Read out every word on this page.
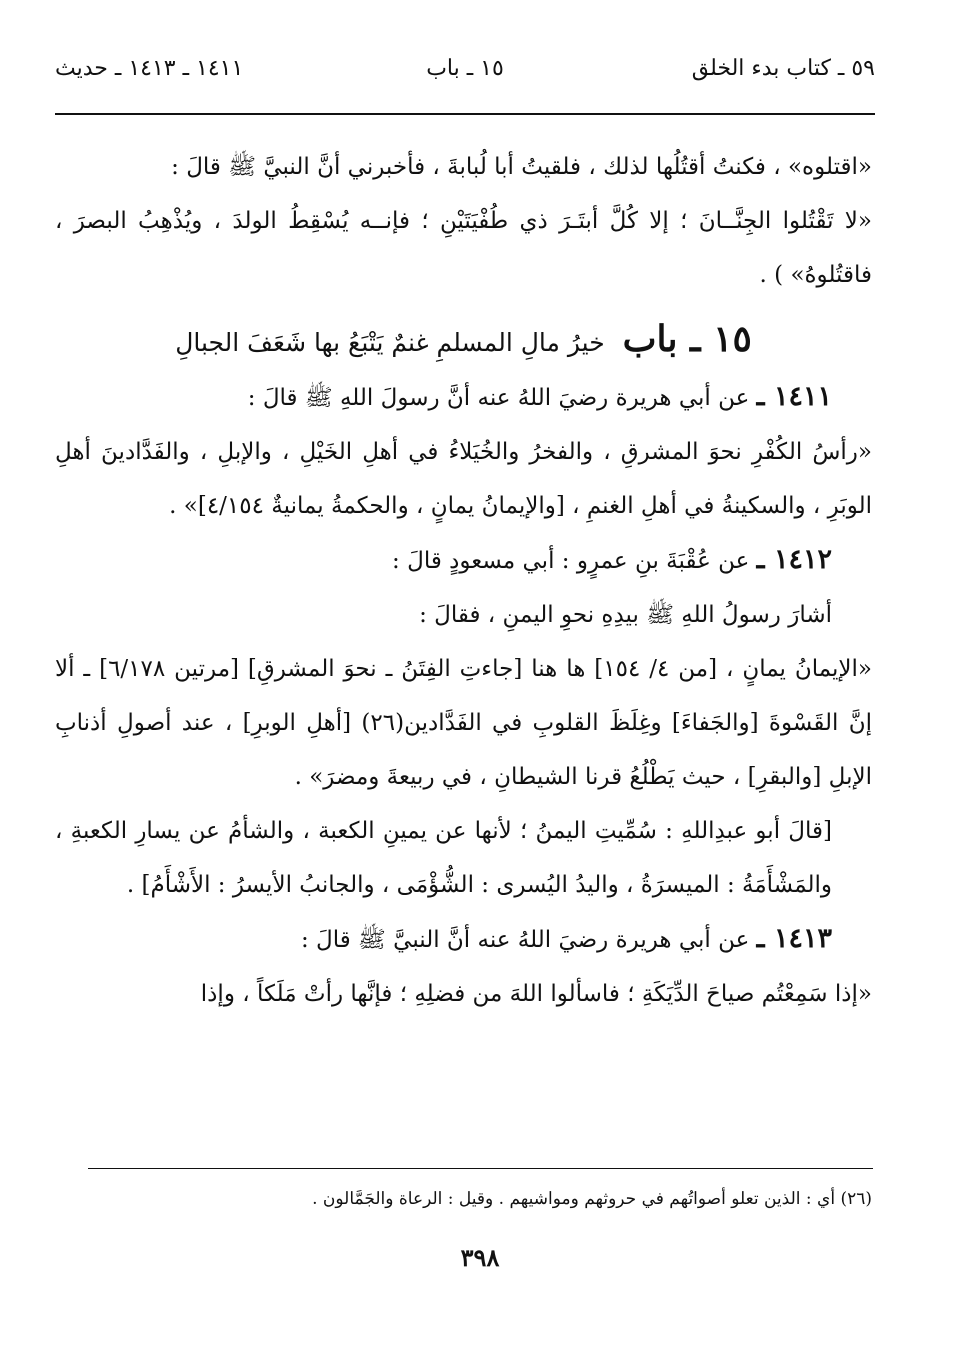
٥٩ ـ كتاب بدء الخلق
١٥ ـ باب
١٤١١ ـ ١٤١٣ ـ حديث

«اقتلوه» ، فكنتُ أقتُلُها لذلك ، فلقيتُ أبا لُبابةَ ، فأخبرني أنَّ النبيَّ ﷺ قالَ :

«لا تَقْتُلوا الجِنَّــانَ ؛ إلا كُلَّ أبتَـرَ ذي طُفْيَتَيْنِ ؛ فإنــه يُسْقِطُ الولدَ ، ويُذْهِبُ البصرَ ، فاقتُلوهُ» ) .

١٥ ـ باب خيرُ مالِ المسلمِ غنمٌ يَتْبَعُ بها شَعَفَ الجبالِ

١٤١١ ـ عن أبي هريرة رضيَ اللهُ عنه أنَّ رسولَ اللهِ ﷺ قالَ :

«رأسُ الكُفْرِ نحوَ المشرقِ ، والفخرُ والخُيَلاءُ في أهلِ الخَيْلِ ، والإبلِ ، والفَدَّادينَ أهلِ الوبَرِ ، والسكينةُ في أهلِ الغنمِ ، [والإيمانُ يمانٍ ، والحكمةُ يمانيةٌ ٤/١٥٤]» .

١٤١٢ ـ عن عُقْبَةَ بنِ عمرٍو : أبي مسعودٍ قالَ :

أشارَ رسولُ اللهِ ﷺ بيدِهِ نحوِ اليمنِ ، فقالَ :

«الإيمانُ يمانٍ ، [من ٤/ ١٥٤] ها هنا [جاءتِ الفِتَنُ ـ نحوَ المشرقِ] [مرتين ٦/١٧٨] ـ ألا إنَّ القَسْوةَ [والجَفاءَ] وغِلَظَ القلوبِ في الفَدَّادين(٢٦) [أهلِ الوبرِ] ، عند أصولِ أذنابِ الإبلِ [والبقرِ] ، حيث يَطْلُعُ قرنا الشيطانِ ، في ربيعةَ ومضرَ» .

[قالَ أبو عبدِاللهِ : سُمِّيتِ اليمنُ ؛ لأنها عن يمينِ الكعبة ، والشأمُ عن يسارِ الكعبةِ ، والمَشْأَمَةُ : الميسرَةُ ، واليدُ اليُسرى : الشُّؤْمَى ، والجانبُ الأيسرُ : الأَشْأَمُ] .

١٤١٣ ـ عن أبي هريرة رضيَ اللهُ عنه أنَّ النبيَّ ﷺ قالَ :

«إذا سَمِعْتُم صياحَ الدِّيَكَةِ ؛ فاسألوا اللهَ من فضلِهِ ؛ فإنَّها رأتْ مَلَكاً ، وإذا

(٢٦) أي : الذين تعلو أصواتُهم في حروثهم ومواشيهم . وقيل : الرعاة والجَمَّالون .
٣٩٨
